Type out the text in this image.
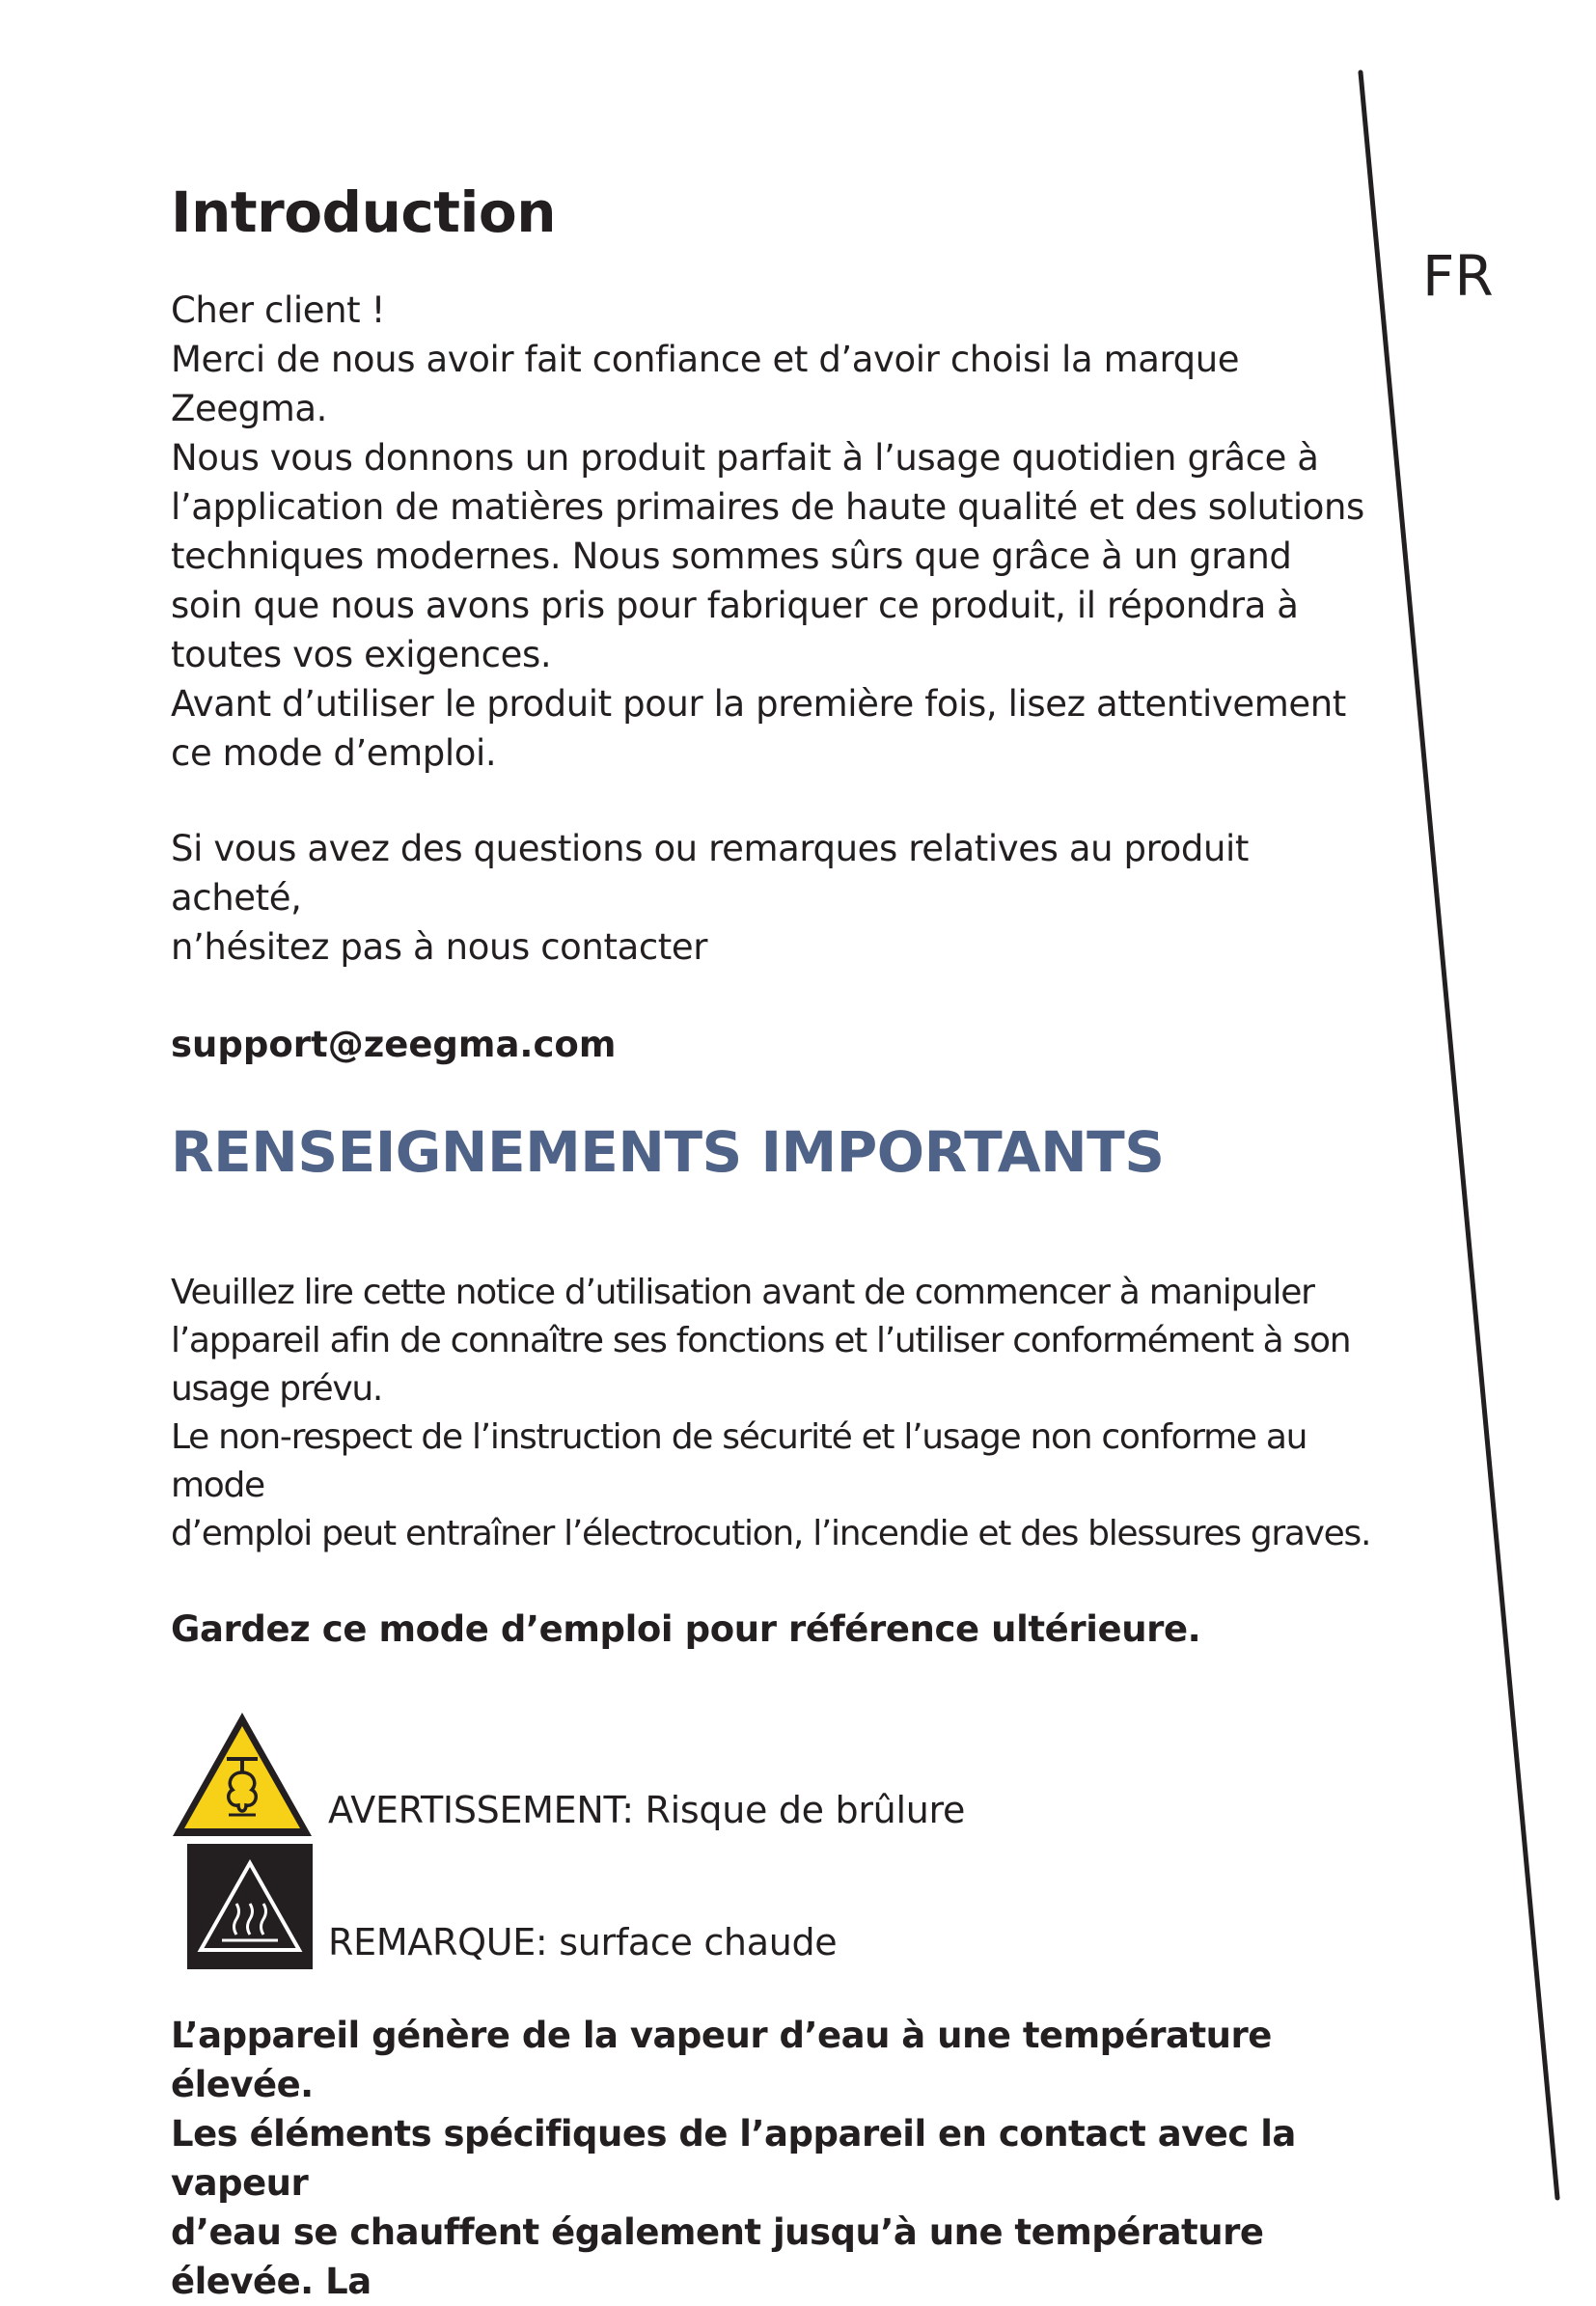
FR
Introduction

Cher client !
Merci de nous avoir fait confiance et d’avoir choisi la marque Zeegma.
Nous vous donnons un produit parfait à l’usage quotidien grâce à
l’application de matières primaires de haute qualité et des solutions
techniques modernes. Nous sommes sûrs que grâce à un grand
soin que nous avons pris pour fabriquer ce produit, il répondra à
toutes vos exigences.
Avant d’utiliser le produit pour la première fois, lisez attentivement
ce mode d’emploi.

Si vous avez des questions ou remarques relatives au produit acheté,
n’hésitez pas à nous contacter

support@zeegma.com

RENSEIGNEMENTS IMPORTANTS

Veuillez lire cette notice d’utilisation avant de commencer à manipuler
l’appareil afin de connaître ses fonctions et l’utiliser conformément à son
usage prévu.
Le non-respect de l’instruction de sécurité et l’usage non conforme au mode
d’emploi peut entraîner l’électrocution, l’incendie et des blessures graves.

Gardez ce mode d’emploi pour référence ultérieure.

AVERTISSEMENT: Risque de brûlure
REMARQUE: surface chaude

L’appareil génère de la vapeur d’eau à une température élevée.
Les éléments spécifiques de l’appareil en contact avec la vapeur
d’eau se chauffent également jusqu’à une température élevée. La
